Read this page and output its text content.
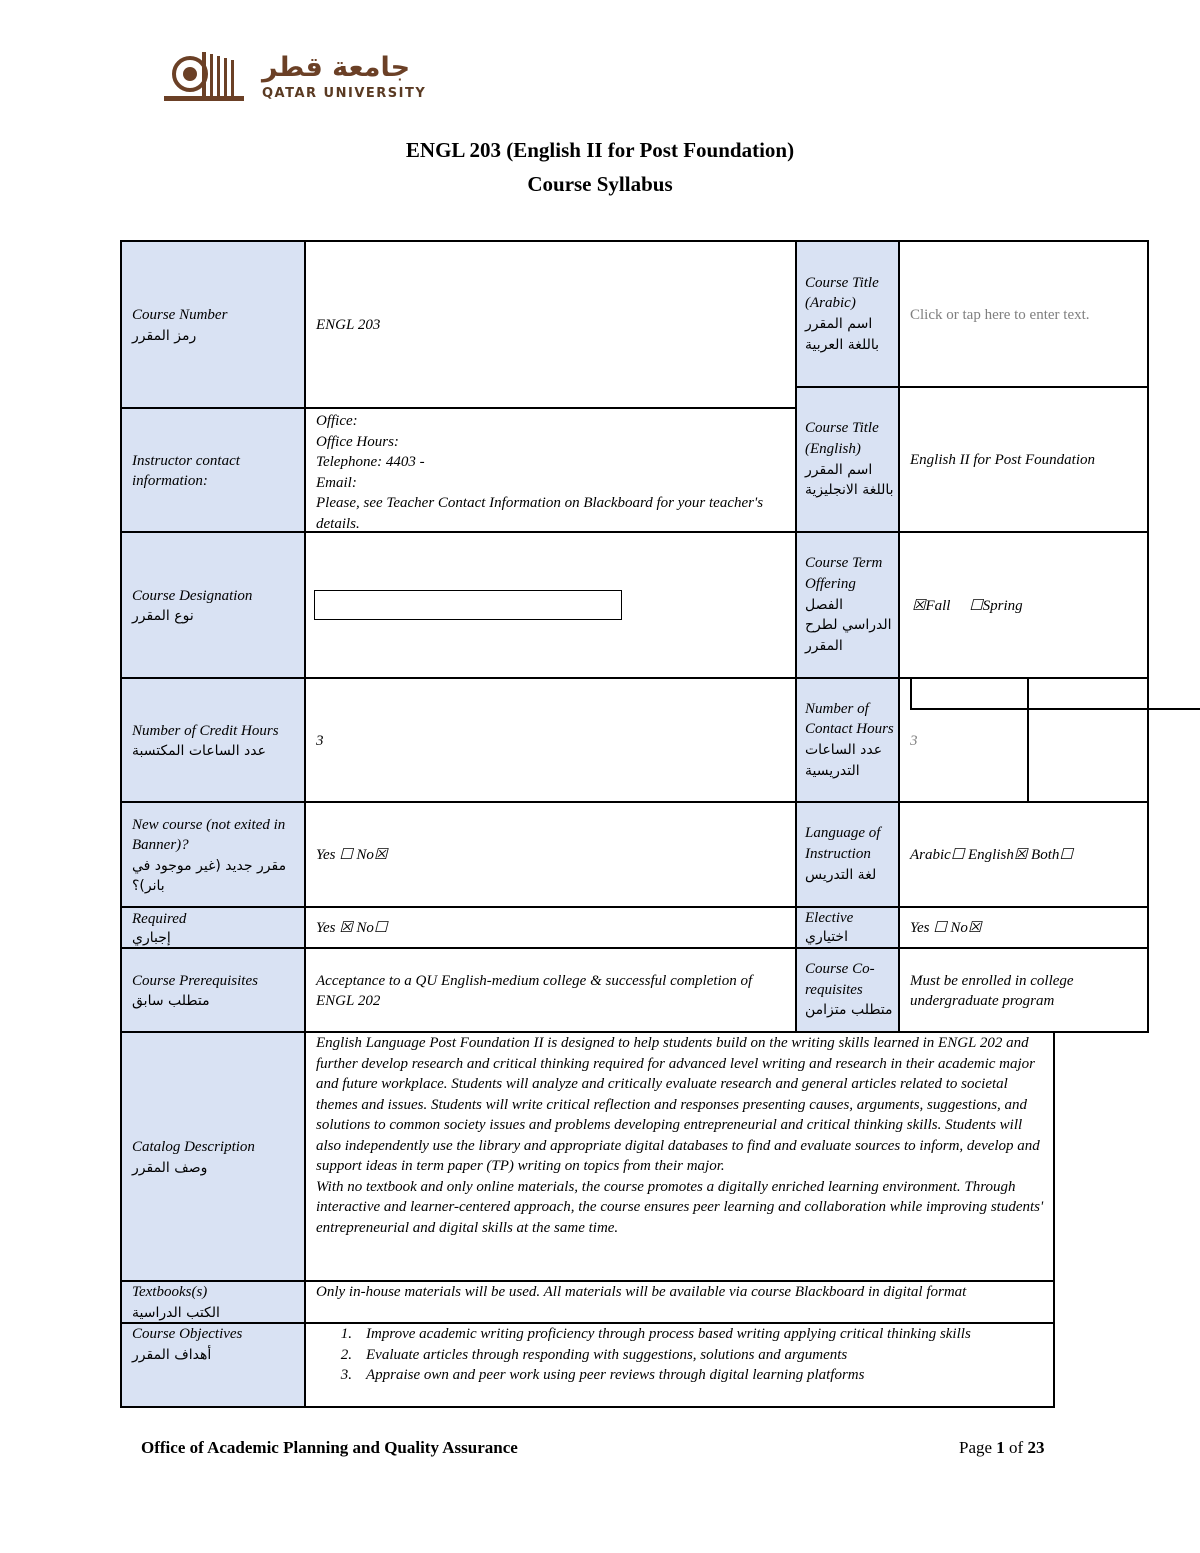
جامعة قطر
QATAR UNIVERSITY
ENGL 203 (English II for Post Foundation)
Course Syllabus
Course Number
رمز المقرر
ENGL 203
Course Title (Arabic)
اسم المقرر باللغة العربية
Click or tap here to enter text.
Instructor contact information:
Office:
Office Hours:
Telephone: 4403 -
Email:
Please, see Teacher Contact Information on Blackboard for your teacher's details.
Course Title (English)
اسم المقرر باللغة الانجليزية
English II for Post Foundation
Course Designation
نوع المقرر
Course Term Offering
الفصل الدراسي لطرح المقرر
☒Fall ☐Spring
Number of Credit Hours
عدد الساعات المكتسبة
3
Number of Contact Hours
عدد الساعات التدريسية
3
New course (not exited in Banner)?
مقرر جديد (غير موجود في بانر)؟
Yes ☐ No☒
Language of Instruction
لغة التدريس
Arabic☐ English☒ Both☐
Required
إجباري
Yes ☒ No☐
Elective
اختياري
Yes ☐ No☒
Course Prerequisites
متطلب سابق
Acceptance to a QU English-medium college & successful completion of ENGL 202
Course Co-requisites
متطلب متزامن
Must be enrolled in college undergraduate program
Catalog Description
وصف المقرر
English Language Post Foundation II is designed to help students build on the writing skills learned in ENGL 202 and further develop research and critical thinking required for advanced level writing and research in their academic major and future workplace. Students will analyze and critically evaluate research and general articles related to societal themes and issues. Students will write critical reflection and responses presenting causes, arguments, suggestions, and solutions to common society issues and problems developing entrepreneurial and critical thinking skills. Students will also independently use the library and appropriate digital databases to find and evaluate sources to inform, develop and support ideas in term paper (TP) writing on topics from their major.
With no textbook and only online materials, the course promotes a digitally enriched learning environment. Through interactive and learner-centered approach, the course ensures peer learning and collaboration while improving students' entrepreneurial and digital skills at the same time.
Textbooks(s)
الكتب الدراسية
Only in-house materials will be used. All materials will be available via course Blackboard in digital format
Course Objectives
أهداف المقرر
1. Improve academic writing proficiency through process based writing applying critical thinking skills
2. Evaluate articles through responding with suggestions, solutions and arguments
3. Appraise own and peer work using peer reviews through digital learning platforms
Office of Academic Planning and Quality Assurance	Page 1 of 23
